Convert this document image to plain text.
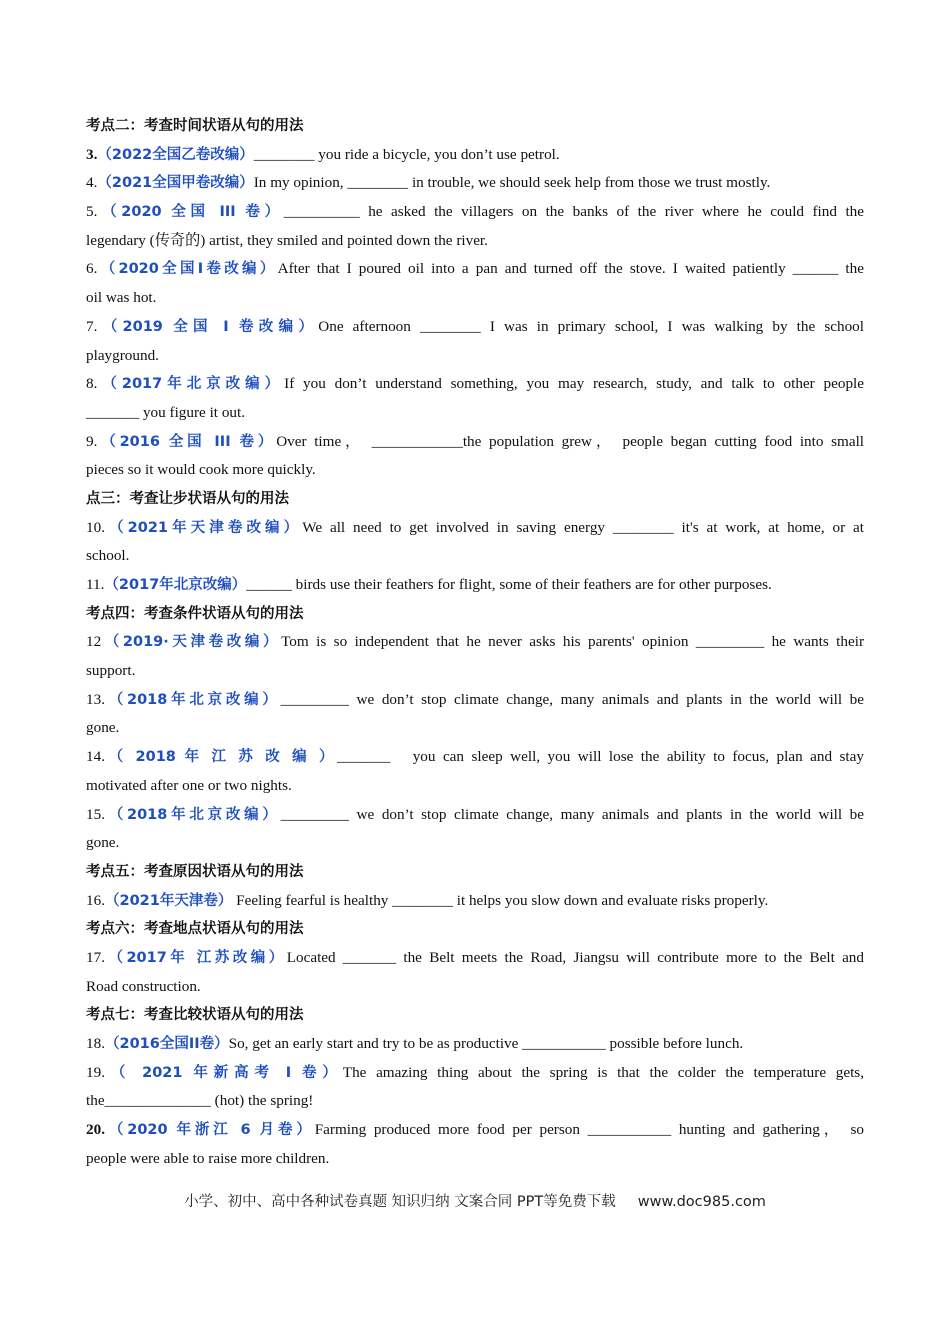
考点二：考查时间状语从句的用法
3.（2022全国乙卷改编）________ you ride a bicycle, you don’t use petrol.
4.（2021全国甲卷改编）In my opinion, ________ in trouble, we should seek help from those we trust mostly.
5.（2020 全国 III 卷）__________ he asked the villagers on the banks of the river where he could find the
legendary (传奇的) artist, they smiled and pointed down the river.
6.（2020全国I卷改编）After that I poured oil into a pan and turned off the stove. I waited patiently ______ the
oil was hot.
7.（2019 全国 I 卷改编）One afternoon ________ I was in primary school, I was walking by the school
playground.
8.（2017年北京改编）If you don’t understand something, you may research, study, and talk to other people
_______ you figure it out.
9.（2016 全国 III 卷）Over time， ____________the population grew， people began cutting food into small
pieces so it would cook more quickly.
点三：考查让步状语从句的用法
10.（2021年天津卷改编）We all need to get involved in saving energy ________ it's at work, at home, or at
school.
11.（2017年北京改编）______ birds use their feathers for flight, some of their feathers are for other purposes.
考点四：考查条件状语从句的用法
12（2019·天津卷改编）Tom is so independent that he never asks his parents' opinion _________ he wants their
support.
13.（2018年北京改编）_________ we don’t stop climate change, many animals and plants in the world will be
gone.
14.（ 2018 年 江 苏 改 编 ）_______   you can sleep well, you will lose the ability to focus, plan and stay
motivated after one or two nights.
15.（2018年北京改编）_________ we don’t stop climate change, many animals and plants in the world will be
gone.
考点五：考查原因状语从句的用法
16.（2021年天津卷） Feeling fearful is healthy ________ it helps you slow down and evaluate risks properly.
考点六：考查地点状语从句的用法
17.（2017年 江苏改编）Located _______ the Belt meets the Road, Jiangsu will contribute more to the Belt and
Road construction.
考点七：考查比较状语从句的用法
18.（2016全国II卷）So, get an early start and try to be as productive ___________ possible before lunch.
19.（ 2021 年新高考 I 卷）The amazing thing about the spring is that the colder the temperature gets,
the______________ (hot) the spring!
20.（2020 年浙江 6 月卷）Farming produced more food per person ___________ hunting and gathering， so
people were able to raise more children.
小学、初中、高中各种试卷真题 知识归纳 文案合同 PPT等免费下载 www.doc985.com
